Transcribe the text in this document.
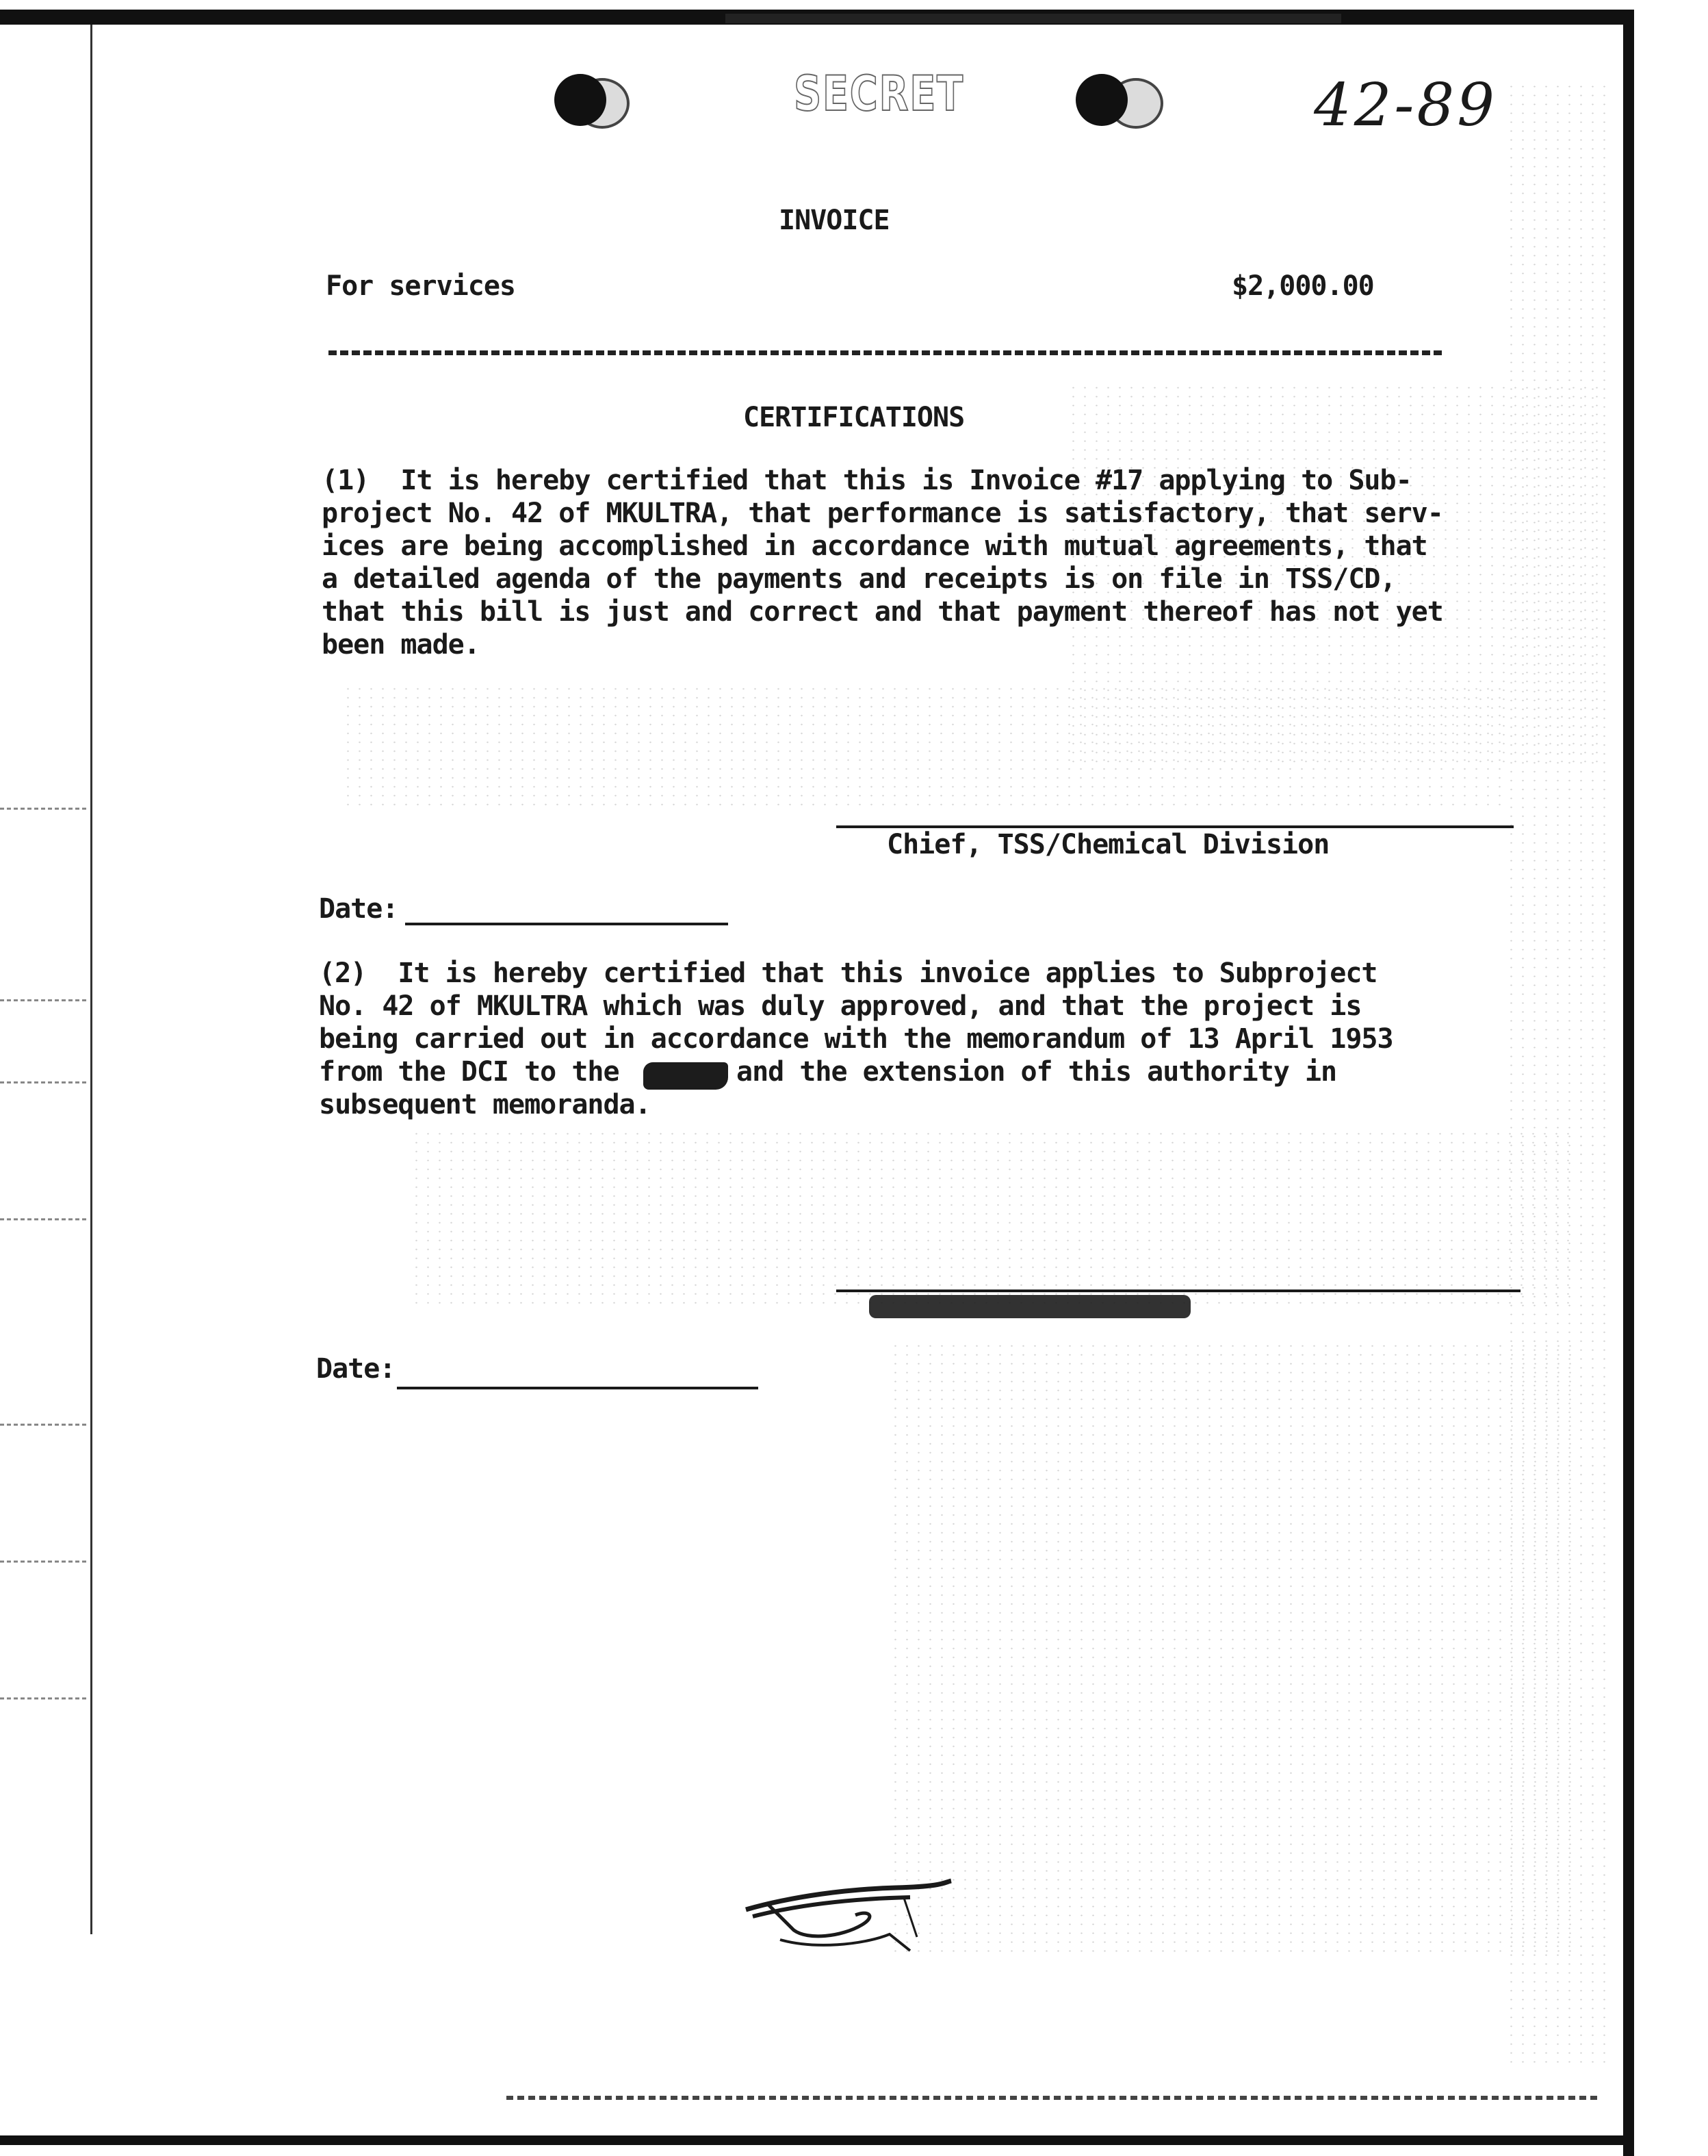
SECRET	42-89
INVOICE
For services	$2,000.00
CERTIFICATIONS
(1)  It is hereby certified that this is Invoice #17 applying to Sub-
project No. 42 of MKULTRA, that performance is satisfactory, that serv-
ices are being accomplished in accordance with mutual agreements, that
a detailed agenda of the payments and receipts is on file in TSS/CD,
that this bill is just and correct and that payment thereof has not yet
been made.
Chief, TSS/Chemical Division
Date:
(2)  It is hereby certified that this invoice applies to Subproject
No. 42 of MKULTRA which was duly approved, and that the project is
being carried out in accordance with the memorandum of 13 April 1953
from the DCI to the	and the extension of this authority in
subsequent memoranda.
Date:
